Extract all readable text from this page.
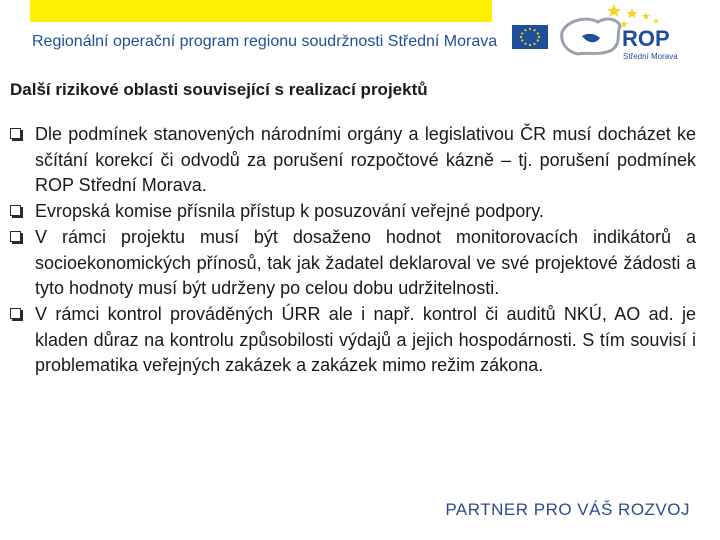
Regionální operační program regionu soudržnosti Střední Morava	ROP
Střední Morava
Další rizikové oblasti související s realizací projektů
Dle podmínek stanovených národními orgány a legislativou ČR musí docházet ke sčítání korekcí či odvodů za porušení rozpočtové kázně – tj. porušení podmínek ROP Střední Morava.
Evropská komise přísnila přístup k posuzování veřejné podpory.
V rámci projektu musí být dosaženo hodnot monitorovacích indikátorů a socioekonomických přínosů, tak jak žadatel deklaroval ve své projektové žádosti a tyto hodnoty musí být udrženy po celou dobu udržitelnosti.
V rámci kontrol prováděných ÚRR ale i např. kontrol či auditů NKÚ, AO ad. je kladen důraz na kontrolu způsobilosti výdajů a jejich hospodárnosti. S tím souvisí i problematika veřejných zakázek a zakázek mimo režim zákona.
PARTNER PRO VÁŠ ROZVOJ
